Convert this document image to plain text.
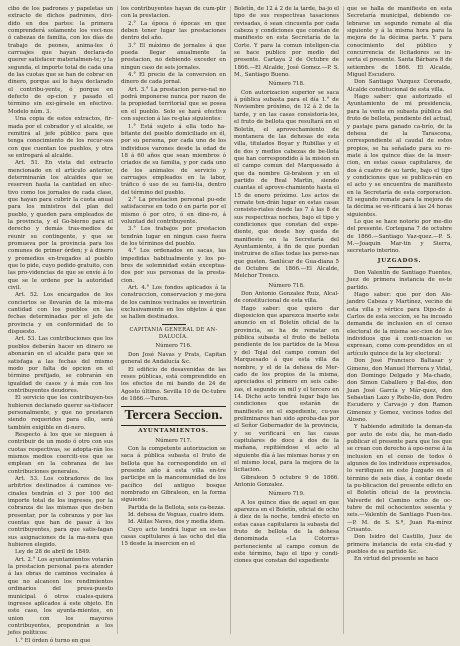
cibo de los padrones y papeletas un extracto de dichos padrones, divi-dido en dos partes: la primera comprenderá solamente los veci-nos ó cabezas de familia, con los días de trabajo de peones, anima-les ó carruajes que hayan declara-do querer satisfacer materialmen-te; y la segunda, el importe total de cada una de las cuotas que se han de cobrar en dinero, porque así lo haya declarado el contribu-yente, ó porque en defecto de op-cion y pasado el término sin exi-gírsele en efectivo. Modelo núm. 3.

Una copia de estos extractos, fir-mada por el cobrador y el alcalde, se remitirá al jefe público para que tenga conocimiento de los recur-sos con que cuentan los pueblos, y otra se entregará al alcalde.

Art. 51. En vista del extracto mencionado en el artículo anterior, determinarán los alcaldes que se reserven hasta la cantidad en efec-tivo como los jornales de cada clase, que hayan para cubrir la cuota anual para los ministros del plan del pueblo, y queden para empleados de la provincia, y el Go-bierno para el derecho y demás tras-medios de reunir su contingente, y que se promueva por la provincia para los comunes de primer órden; y á dinero y promedios en-tregados al pueblo que lo pide, cuyo pedido gratuito, con las pro-videncias de que se envíe á lo que se le ordene por la autoridad civil.

Art. 52. Los encargados de los conciertos se llevarán de la mis-ma cantidad con los pueblos en las fechas determinadas por el jefe de provincia y en conformidad de lo dispuesto.

Art. 53. Las contribuciones que los pueblos deberán hacer en dinero se abonarán en el alcalde para que se satisfaga a las fechas del mismo modo por falta de opcion en el término prefijado, se cobrarán en igualdad de casos y á más con los contribuyentes deudores.

El servicio que los contribuyen-tes hubieren declarado querer sa-tisfacer personalmente, y que no prestaren siendo requeridos para ello, será también exigible en di-nero.

Respecto á los que se nieguen á contribuir de un modo ó otro con sus cuotas respectivas, se adopta-rán los mismos medios coerciti-vos que se emplean en la cobranza de las contribuciones generales.

Art. 53. Los cobradores de los arbitrios destinados á caminos ve-cinales tendrán el 3 por 100 del importe total de los ingresos, por la cobranza de las mismas que de-ben presentar, por la cobranza y por las cuentas que han de pasar á los contribuyentes, para que satis-fagan sus asignaciones de la ma-nera que hubieren elegido.

Ley de 28 de abril de 1849.

Art. 2.° Los ayuntamientos votarán la prestacion personal pa-ra atender á las obras de caminos vecinales á que no alcancen los rendimientos ordinarios del presu-puesto municipal. ó otros cuales-quiera ingresos aplicados á este objeto. En este caso, los ayunta-mientos, en union con los mayores contribuyentes, propondrán a los jefes políticos:

1.° El órden ó turno en que

los contribuyentes hayan de cum-plir con la prestacion.

2.° La época ó épocas en que deben tener lugar las prestaciones dentro del año.

3.° El máximo de jornales á que pueda llegar anualmente la prestacion, no debiendo exceder en ningun caso de seis jornales.

4.° El precio de la conversion en dinero de cada jornal.

Art. 3.° La prestacion perso-nal no podrá imponerse nunca por razon de la propiedad territorial que se posea en el pueblo. Solo se hará efectiva con sujecion á las re-glas siguientes:

1.° Está sujeto á ella todo ha-bitante del pueblo domiciliado en él, por su persona, por cada uno de los individuos varones desde la edad de 18 á 60 años que sean miembros ó criados de su familia, y por cada uno de los animales de servicio y carruajes empleados en la labor, tráfico ó uso de su fami-lia, dentro del término del pueblo.

2.° La prestacion personal pu-ede satisfacerse en todo ó en parte por el mismo ó por otro, ó en dine-ro, á voluntad del contribuyente.

3.° Los trabajos por prestacion tendrán lugar en ningun caso fuera de los términos del pueblo.

4.° Los ordenados en sacas, las impedidas habitualmente y los po-bres de solemnidad están exceptua-dos por sus personas de la presta-cion.

Art. 4.° Los fondos aplicados á la construccion, conservacion y me-jora de los caminos vecinales se invertirán exclusivamente en los objetos á que se hallen destinados.

CAPITANIA GENERAL DE AN-DALUCÍA.
Número 716.

Don José Navas y Prats, Capitan general de Andalucía &c.

El edificio de desavenidas de las reses públicas, está comprendido en los efectos de mi bando de 24 de Agosto último. Sevilla 10 de Oc-tubre de 1866.—Turon.

Tercera Seccion.
AYUNTAMIENTOS.
Número 717.

Con la competente autorizacion se saca á pública subasta el fruto de bellota que ha correspondido en el presente año á esta villa en-tre participe en la mancomunidad de los pacífico del antiguo bosque nombrado en Gibraleon, en la forma siguiente:

Partida de la Bellota, seis ca-bezas.

Id. dehesa de Veguas, cuatro idem.

Id. Atilas Naves, dos y media idem.

Cuyo acto tendrá lugar en es-tas casas capitulares á las ocho del día 15 desde la insercion en el

Boletín, de 12 á 2 de la tarde, ba-jo el tipo de sus respectivas tasaciones revisadas, ó sean cincuenta por cada cabeza y condiciones que constan de manifiesto en esta Secretaría de la Corte. Y para la comun inteligen-cia se hace publico por medio del presente. Cartaya 2 de Octubre de 1866.—El Alcalde, José Gomez.—P. S. M., Santiago Bueno.

Número 718.

Con autorizacion superior se saca á pública subasta para el día 1.° de Noviembre próximo, de 12 á 2 de la tarde, y en las casas consistoria-les, el fruto de bellota que resultará en el Boletín, el aprovechamiento de montanera de las dehesas de esta villa, titulados Boyar y Rubillas y el de dos y medios cabezas de be-llota que han correspondido á la mision en el campo comun del Marquesado á que da nombre Gi-braleon y en el partido de Real Martin, siendo cuantas el aprove-chamiento hasta el 15 de enero próximo. Los actos de remate ten-drán lugar en estas casas consisto-riales desde las 7 á las 8 de sus respectivas noches, bajo el tipo y condiciones que constan del expe-diente, que desde hoy queda de manifiesto en la Secretaría del Ayuntamiento, á fin de que puedan instruirse de ellas todas las perso-nas que gusten. Sanlúcar de Gua-diana 5 de Octubre de 1866.—El Alcalde, Melchor Trenco.

Número 718.

Don Antonio Gonzalez Ruiz, Alcal-de constitucional de esta villa.

Hago saber: que quiero dar disposicion que aparezca inserto este anuncio en el Boletín oficial de la provincia, se ha de rematar en pública subasta el fruto de bellota pendiente de los partidos de la Mesa y del Tojal del campo comun del Marquesado á que esta villa da nombre, y el de la dehesa de Mer-cado de los propios de la misma, apreciados el primero en seis cabe-zas, el segundo en mil y el tercero en 14. Dicho acto tendrá lugar bajo las condiciones que estarán de manifiesto en el expediente, cu-yas preliminares han sido aproba-das por el Señor Gobernador de la provincia, y se verificará en las casas capitulares de doce á dos de la mañana, repitiéndose el acto al siguiente día á las mismas horas y en el mismo local, para la mejora de la licitacion.

Gibraleon 5 octubre 9 de 1866. Antonio Gonzalez.

Número 719.

A los quince días de aquel en que aparezca en el Boletín, oficial de ocho á diez de la noche, tendrá efecto en estas casas capitulares la subasta del fruto de bellota de la dehesa denominada «La Cotorra» perteneciente al campo comun de este término, bajo el tipo y condi-ciones que constan del expediente

que se halla de manifiesto en esta Secretaría municipal, debiendo ce-lebrarse un segundo remate al día siguiente y á la misma hora para la mejora de la décima parte. Y para conocimiento del público y concurrencia de licitadores se in-serta el presente. Santa Bárbara 8 de setiembre de 1866. El Alcalde, Miguel Escudero.

Don Santiago Vazquez Coronado, Alcalde constitucional de esta villa.

Hago saber: que autorizado el Ayuntamiento de mi presidencia, para la venta en subasta pública del fruto de bellota, pendiente del actual, y pastaje para ganado ca-brío, de la dehesa de la Tarascona, correspondiente al caudal de estos propios, se ha señalado para su re-mate á los quince días de la inser-cion, en estas casas capitulares, de dos á cuatro de su tarde, bajo el tipo y condiciones que se publica-rán en el acto y se encuentra de manifiesto en la Secretaría de esta corporacion. El segundo remate para la mejora de la décima se ve-rificará á las 24 horas siguientes.

Lo que se hace notorio por me-dio del presente. Cortegana 7 de octubre de 1866.—Santiago Vaz-quez.—P. S. M.—Joaquin Mar-tin y Sierra, secretario interino.

JUZGADOS.

Don Valentín de Santiago Fuentes, Juez de primera instancia de es-te partido.

Hago saber: que por don Ale-jandro Cabeza y Martínez, vecino de esta villa y vértice para Dipo-do á Carlos de esta seccion, se ha incoado demanda de inclusion en el censo electoral de la misma sec-cion de los individuos que á conti-nuacion se expresan, como com-prendidos en el artículo quince de la ley electoral:

Don José Francisco Baltasar y Gimeno, don Manuel Herrera y Vidal, don Domingo Delgado y Ma-chado, don Simon Caballero y Bal-dos, don Juan José García y Már-quez, don Sebastian Lazo y Rebo-llo, don Pedro Escudero y Carva-jo y don Ramon Gimenez y Gomez, vecinos todos del Alosno.

Y habiendo admitido la deman-da por auto de este día, he man-dado publicar el presente para que los que se crean con derecho á opo-nerse á la inclusion en el censo de todos ó algunos de los individuos expresados, lo verifiquen en este Juzgado en el término de seis días, á contar desde la pu-blicacion del presente edicto en el Boletín oficial de la provincia. Valverde del Camino ocho de oc-tubre de mil ochocientos sesenta y seis.—Valentín de Santiago Fuen-tes.—P. M. de S. S.ª, Juan Ra-mírez Crisanto.

Don Isidro del Castillo, Juez de primera instancia de esta ciu-dad y pueblos de su partido &c.

En virtud del presente se hace
